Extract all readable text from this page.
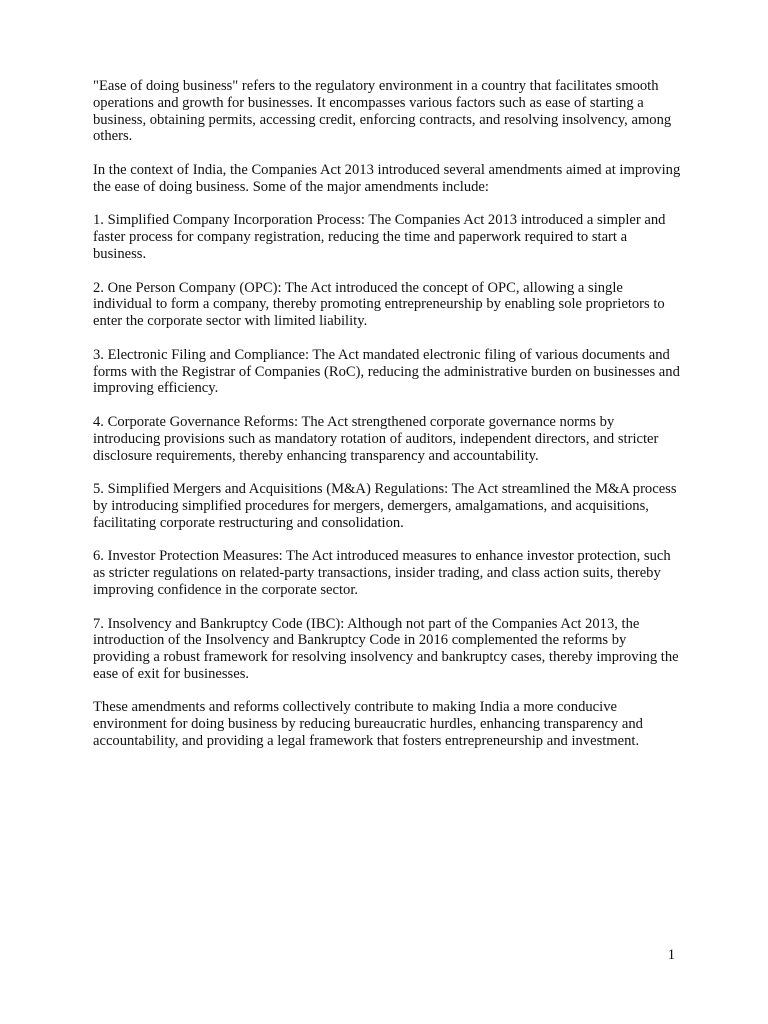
"Ease of doing business" refers to the regulatory environment in a country that facilitates smooth operations and growth for businesses. It encompasses various factors such as ease of starting a business, obtaining permits, accessing credit, enforcing contracts, and resolving insolvency, among others.

In the context of India, the Companies Act 2013 introduced several amendments aimed at improving the ease of doing business. Some of the major amendments include:

1. Simplified Company Incorporation Process: The Companies Act 2013 introduced a simpler and faster process for company registration, reducing the time and paperwork required to start a business.

2. One Person Company (OPC): The Act introduced the concept of OPC, allowing a single individual to form a company, thereby promoting entrepreneurship by enabling sole proprietors to enter the corporate sector with limited liability.

3. Electronic Filing and Compliance: The Act mandated electronic filing of various documents and forms with the Registrar of Companies (RoC), reducing the administrative burden on businesses and improving efficiency.

4. Corporate Governance Reforms: The Act strengthened corporate governance norms by introducing provisions such as mandatory rotation of auditors, independent directors, and stricter disclosure requirements, thereby enhancing transparency and accountability.

5. Simplified Mergers and Acquisitions (M&A) Regulations: The Act streamlined the M&A process by introducing simplified procedures for mergers, demergers, amalgamations, and acquisitions, facilitating corporate restructuring and consolidation.

6. Investor Protection Measures: The Act introduced measures to enhance investor protection, such as stricter regulations on related-party transactions, insider trading, and class action suits, thereby improving confidence in the corporate sector.

7. Insolvency and Bankruptcy Code (IBC): Although not part of the Companies Act 2013, the introduction of the Insolvency and Bankruptcy Code in 2016 complemented the reforms by providing a robust framework for resolving insolvency and bankruptcy cases, thereby improving the ease of exit for businesses.

These amendments and reforms collectively contribute to making India a more conducive environment for doing business by reducing bureaucratic hurdles, enhancing transparency and accountability, and providing a legal framework that fosters entrepreneurship and investment.

1
